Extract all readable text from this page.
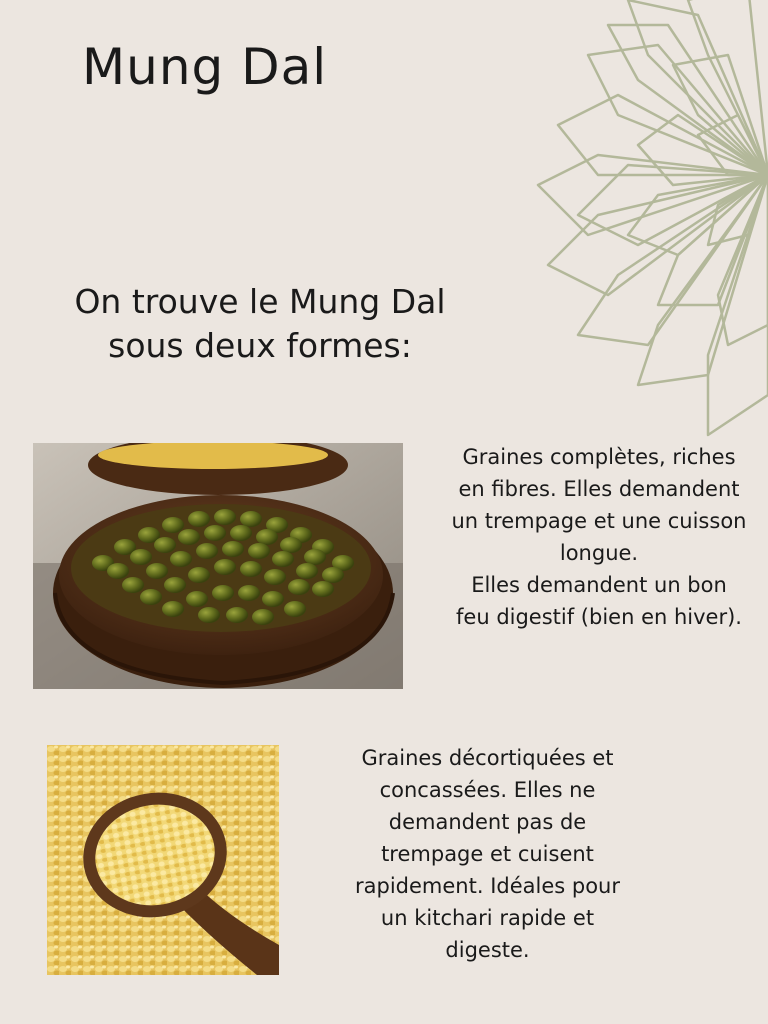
Mung Dal
On trouve le Mung Dal
sous deux formes:

Graines complètes, riches
en fibres. Elles demandent
un trempage et une cuisson
longue.
Elles demandent un bon
feu digestif (bien en hiver).

Graines décortiquées et
concassées. Elles ne
demandent pas de
trempage et cuisent
rapidement. Idéales pour
un kitchari rapide et
digeste.
